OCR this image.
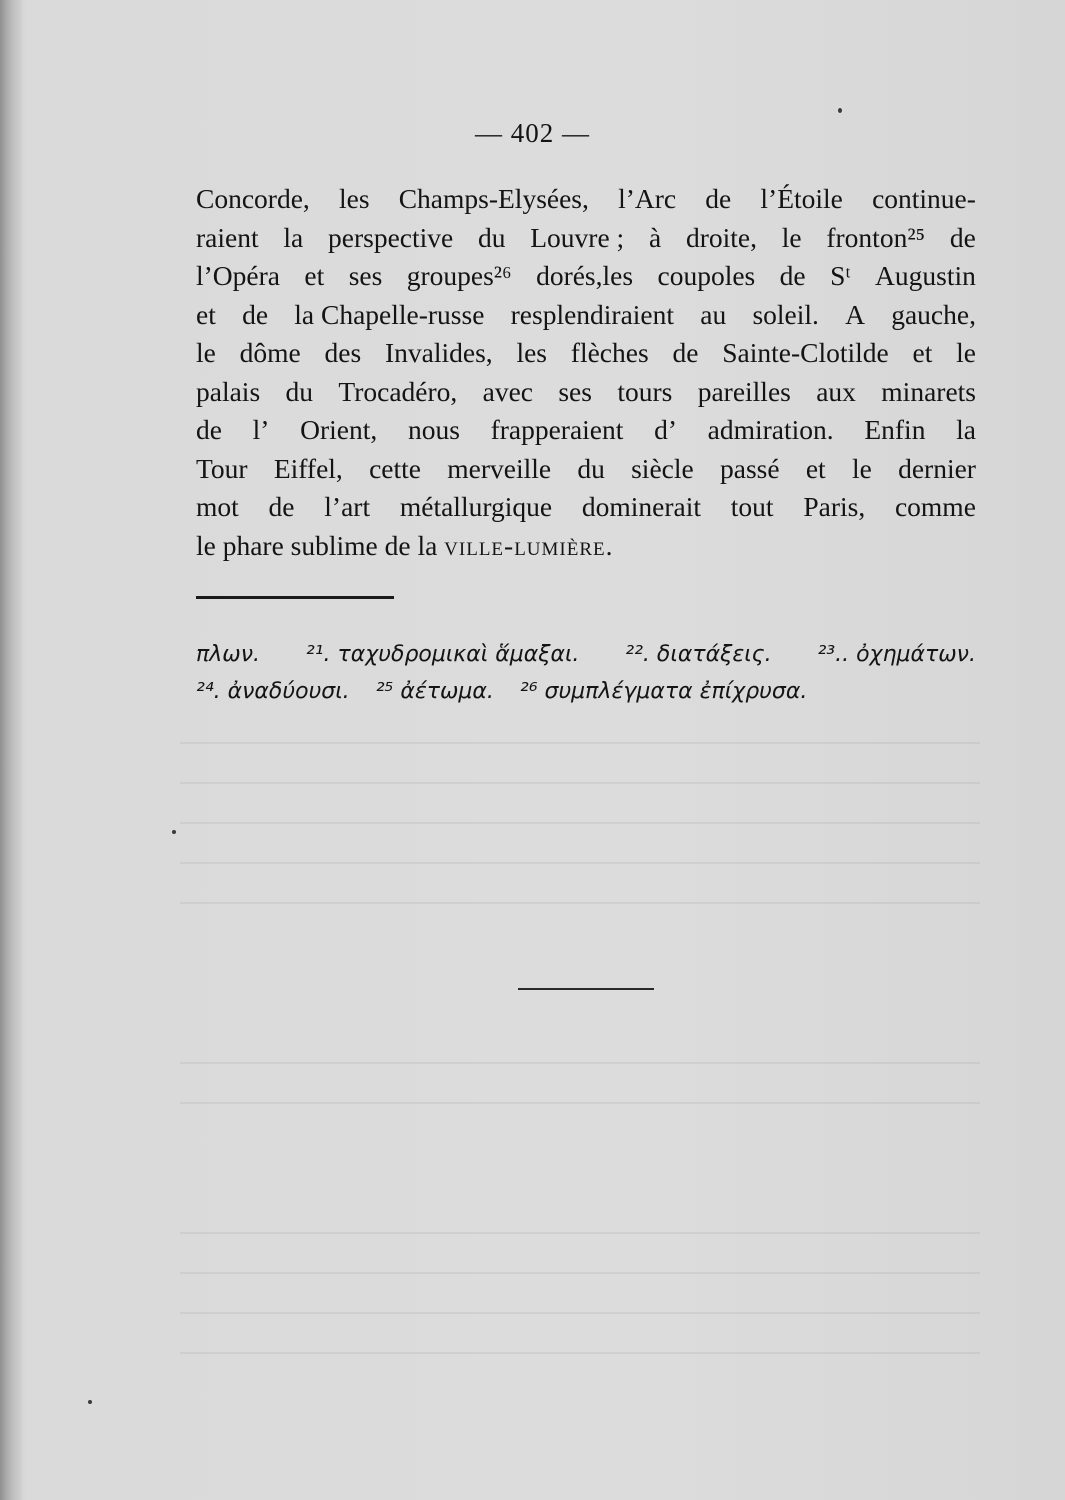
— 402 —
Concorde, les Champs-Elysées, l’Arc de l’Étoile continue-
raient la perspective du Louvre ; à droite, le fronton²⁵ de
l’Opéra et ses groupes²⁶ dorés,les coupoles de Sᵗ Augustin
et de la Chapelle-russe resplendiraient au soleil. A gauche,
le dôme des Invalides, les flèches de Sainte-Clotilde et le
palais du Trocadéro, avec ses tours pareilles aux minarets
de l’ Orient, nous frapperaient d’ admiration. Enfin la
Tour Eiffel, cette merveille du siècle passé et le dernier
mot de l’art métallurgique dominerait tout Paris, comme
le phare sublime de la ville-lumière.
πλων. ²¹. ταχυδρομικαὶ ἅμαξαι. ²². διατάξεις. ²³.. ὀχημάτων.
²⁴. ἀναδύουσι. ²⁵ ἀέτωμα. ²⁶ συμπλέγματα ἐπίχρυσα.
